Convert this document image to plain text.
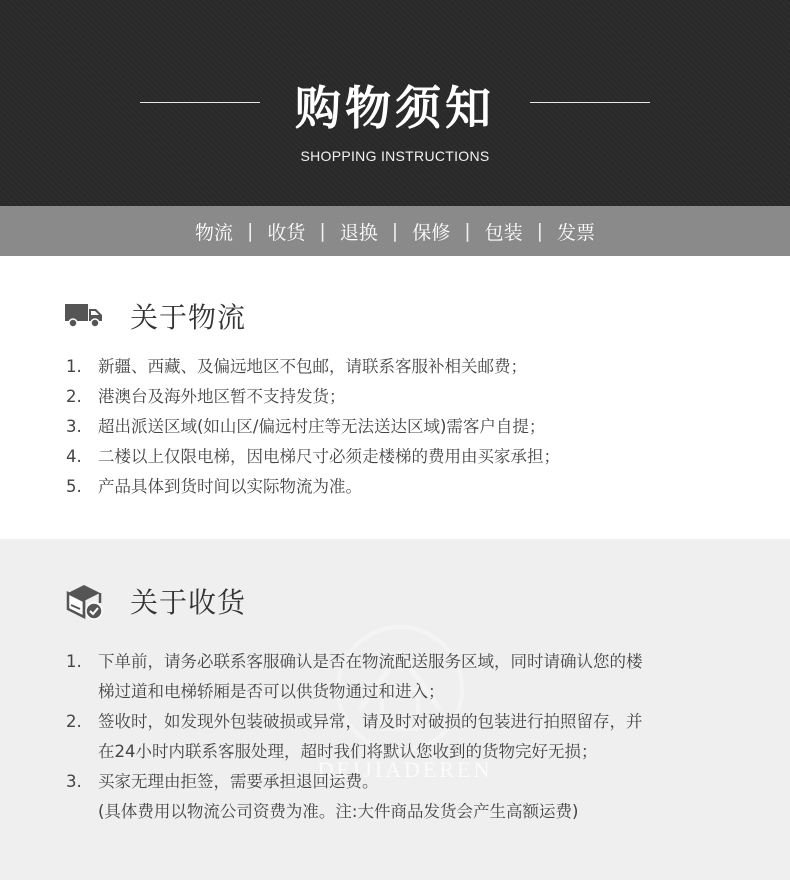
购物须知
SHOPPING INSTRUCTIONS
物流 | 收货 | 退换 | 保修 | 包装 | 发票
关于物流
1. 新疆、西藏、及偏远地区不包邮，请联系客服补相关邮费；
2. 港澳台及海外地区暂不支持发货；
3. 超出派送区域(如山区/偏远村庄等无法送达区域)需客户自提；
4. 二楼以上仅限电梯，因电梯尺寸必须走楼梯的费用由买家承担；
5. 产品具体到货时间以实际物流为准。
DEIJIADEREN
关于收货
1. 下单前，请务必联系客服确认是否在物流配送服务区域，同时请确认您的楼
梯过道和电梯轿厢是否可以供货物通过和进入；
2. 签收时，如发现外包装破损或异常，请及时对破损的包装进行拍照留存，并
在24小时内联系客服处理，超时我们将默认您收到的货物完好无损；
3. 买家无理由拒签，需要承担退回运费。
(具体费用以物流公司资费为准。注:大件商品发货会产生高额运费)
